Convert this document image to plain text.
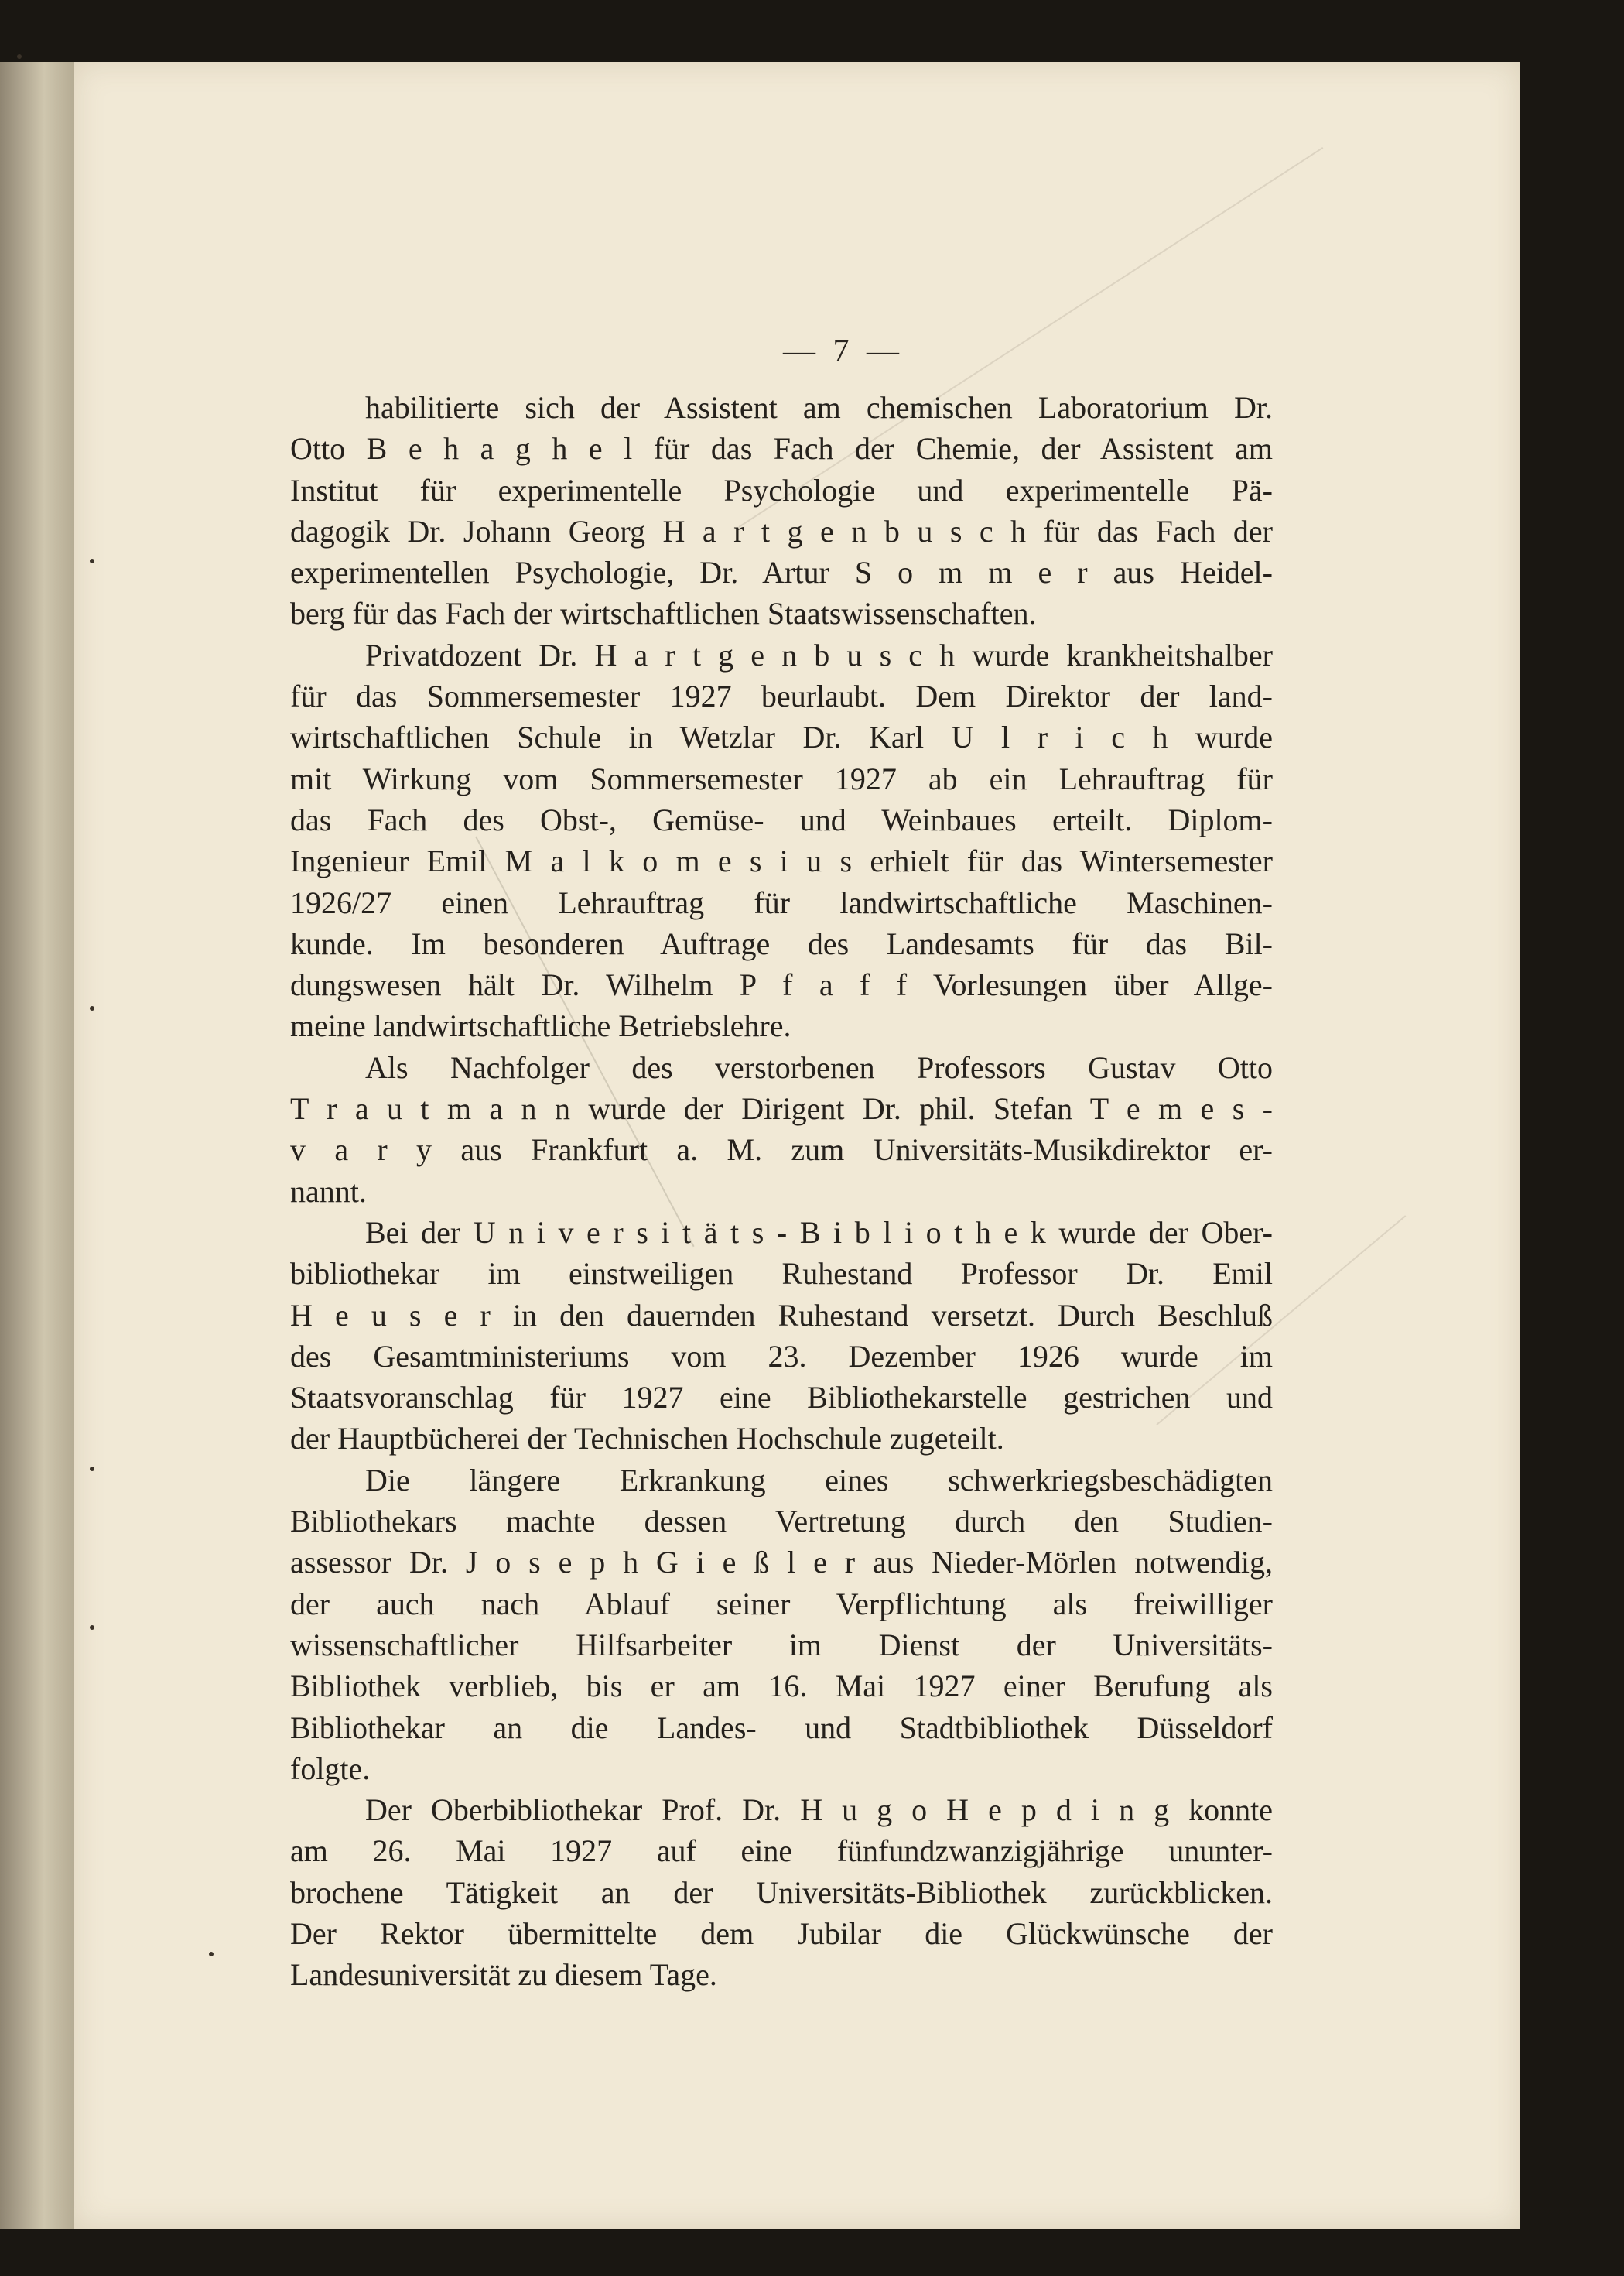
— 7 —

habilitierte sich der Assistent am chemischen Laboratorium Dr.
Otto B e h a g h e l für das Fach der Chemie, der Assistent am
Institut für experimentelle Psychologie und experimentelle Pä-
dagogik Dr. Johann Georg H a r t g e n b u s c h für das Fach der
experimentellen Psychologie, Dr. Artur S o m m e r aus Heidel-
berg für das Fach der wirtschaftlichen Staatswissenschaften.

Privatdozent Dr. H a r t g e n b u s c h wurde krankheitshalber
für das Sommersemester 1927 beurlaubt. Dem Direktor der land-
wirtschaftlichen Schule in Wetzlar Dr. Karl U l r i c h wurde
mit Wirkung vom Sommersemester 1927 ab ein Lehrauftrag für
das Fach des Obst-, Gemüse- und Weinbaues erteilt. Diplom-
Ingenieur Emil M a l k o m e s i u s erhielt für das Wintersemester
1926/27 einen Lehrauftrag für landwirtschaftliche Maschinen-
kunde. Im besonderen Auftrage des Landesamts für das Bil-
dungswesen hält Dr. Wilhelm P f a f f Vorlesungen über Allge-
meine landwirtschaftliche Betriebslehre.

Als Nachfolger des verstorbenen Professors Gustav Otto
T r a u t m a n n wurde der Dirigent Dr. phil. Stefan T e m e s -
v a r y aus Frankfurt a. M. zum Universitäts-Musikdirektor er-
nannt.

Bei der U n i v e r s i t ä t s - B i b l i o t h e k wurde der Ober-
bibliothekar im einstweiligen Ruhestand Professor Dr. Emil
H e u s e r in den dauernden Ruhestand versetzt. Durch Beschluß
des Gesamtministeriums vom 23. Dezember 1926 wurde im
Staatsvoranschlag für 1927 eine Bibliothekarstelle gestrichen und
der Hauptbücherei der Technischen Hochschule zugeteilt.

Die längere Erkrankung eines schwerkriegsbeschädigten
Bibliothekars machte dessen Vertretung durch den Studien-
assessor Dr. J o s e p h G i e ß l e r aus Nieder-Mörlen notwendig,
der auch nach Ablauf seiner Verpflichtung als freiwilliger
wissenschaftlicher Hilfsarbeiter im Dienst der Universitäts-
Bibliothek verblieb, bis er am 16. Mai 1927 einer Berufung als
Bibliothekar an die Landes- und Stadtbibliothek Düsseldorf
folgte.

Der Oberbibliothekar Prof. Dr. H u g o H e p d i n g konnte
am 26. Mai 1927 auf eine fünfundzwanzigjährige ununter-
brochene Tätigkeit an der Universitäts-Bibliothek zurückblicken.
Der Rektor übermittelte dem Jubilar die Glückwünsche der
Landesuniversität zu diesem Tage.
